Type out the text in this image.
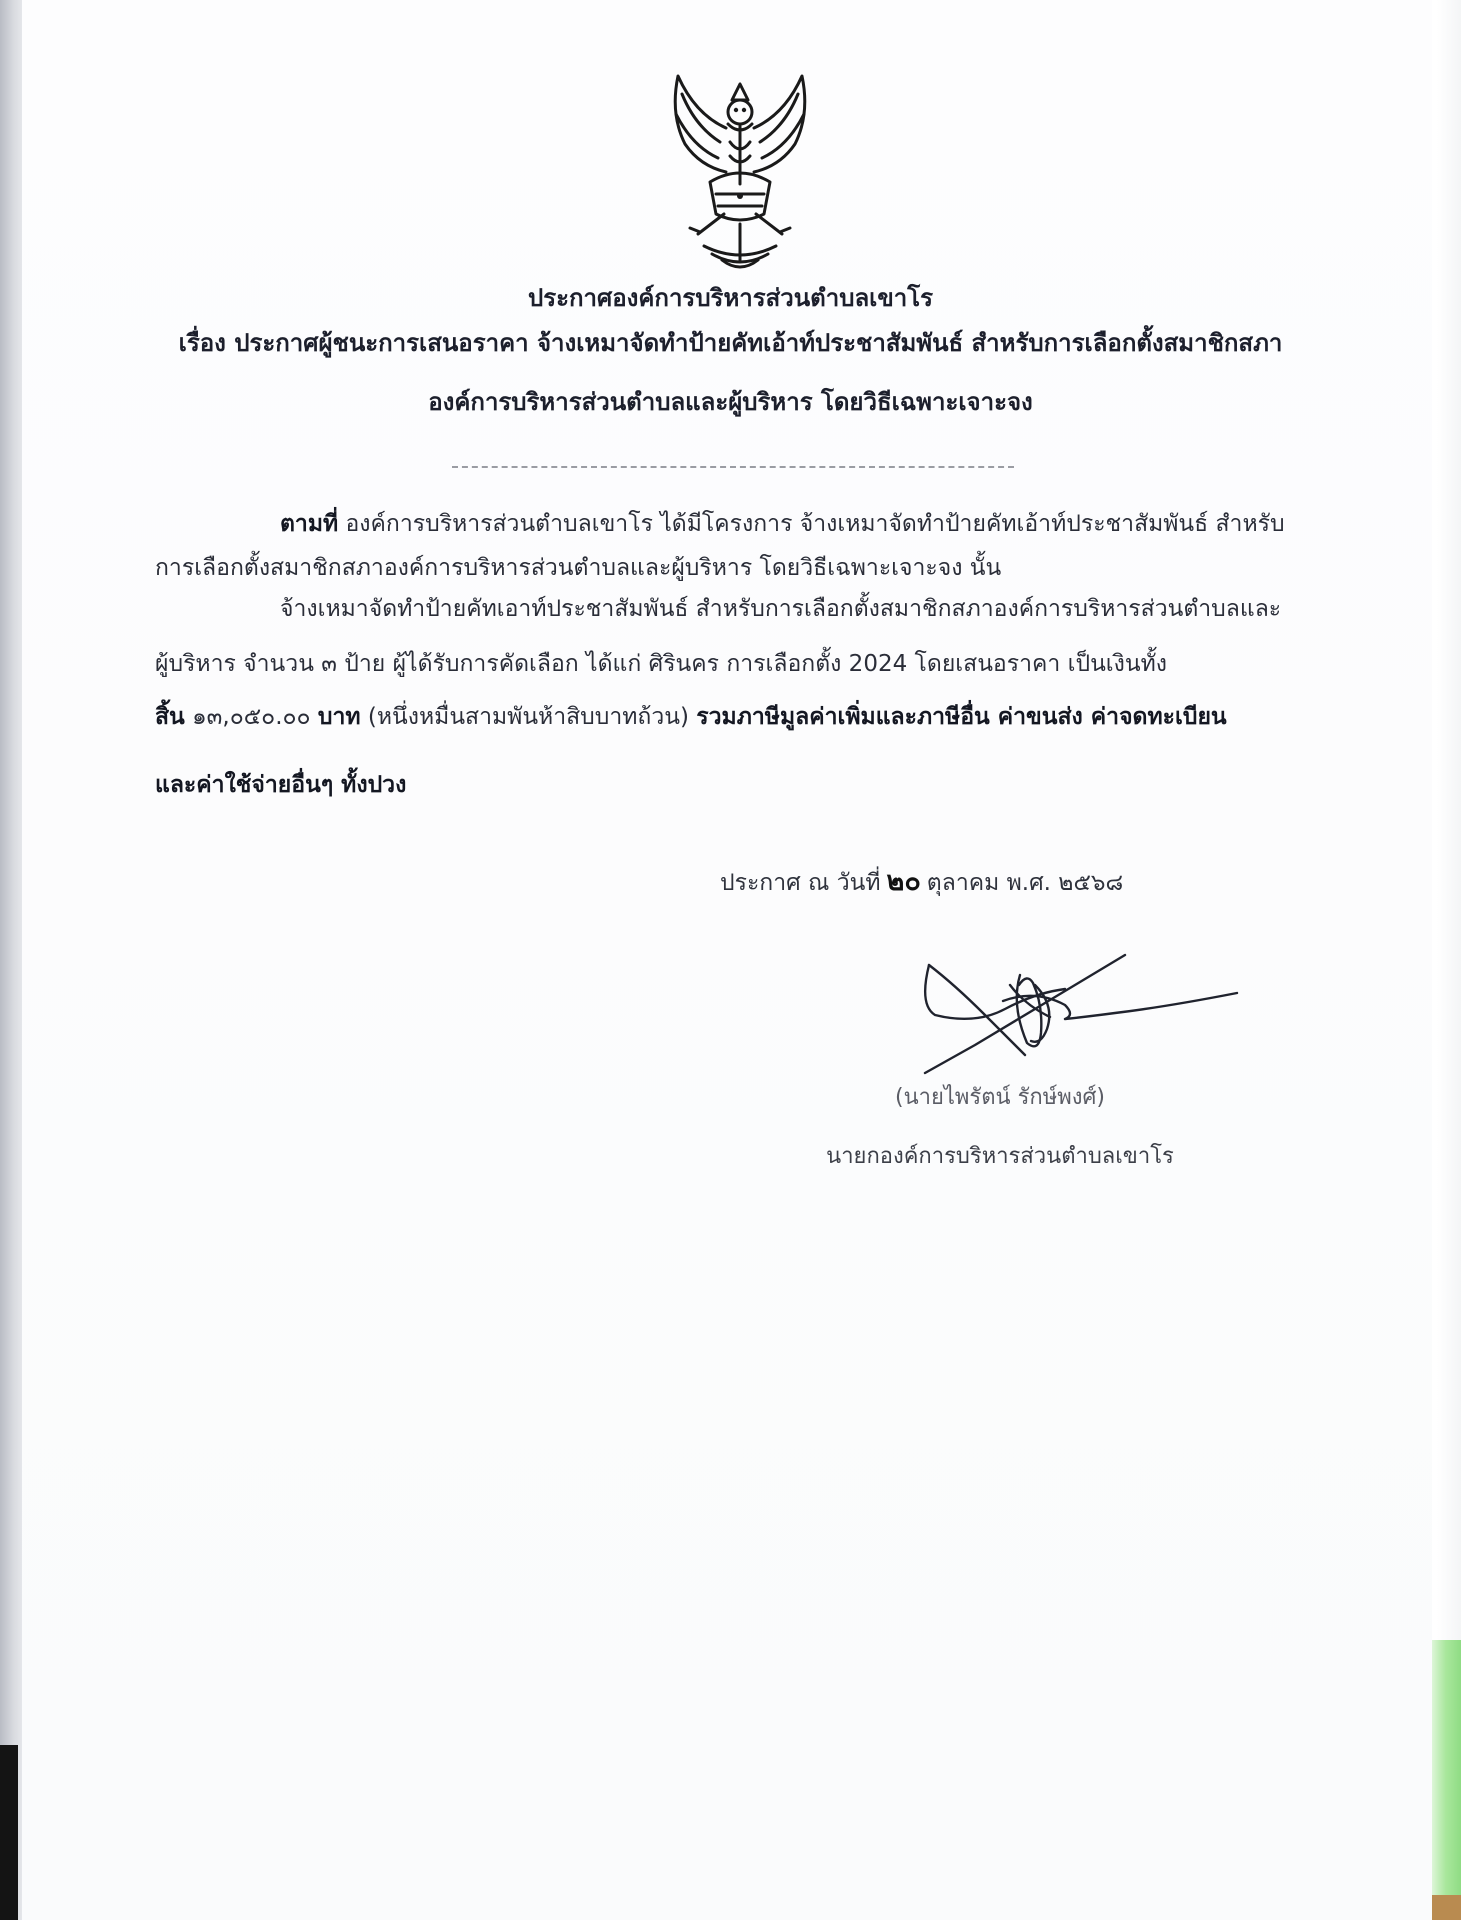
ประกาศองค์การบริหารส่วนตำบลเขาโร
เรื่อง ประกาศผู้ชนะการเสนอราคา จ้างเหมาจัดทำป้ายคัทเอ้าท์ประชาสัมพันธ์ สำหรับการเลือกตั้งสมาชิกสภา
องค์การบริหารส่วนตำบลและผู้บริหาร โดยวิธีเฉพาะเจาะจง
ตามที่ องค์การบริหารส่วนตำบลเขาโร ได้มีโครงการ จ้างเหมาจัดทำป้ายคัทเอ้าท์ประชาสัมพันธ์ สำหรับ
การเลือกตั้งสมาชิกสภาองค์การบริหารส่วนตำบลและผู้บริหาร โดยวิธีเฉพาะเจาะจง นั้น
จ้างเหมาจัดทำป้ายคัทเอาท์ประชาสัมพันธ์ สำหรับการเลือกตั้งสมาชิกสภาองค์การบริหารส่วนตำบลและ
ผู้บริหาร จำนวน ๓ ป้าย ผู้ได้รับการคัดเลือก ได้แก่ ศิรินคร การเลือกตั้ง 2024 โดยเสนอราคา เป็นเงินทั้ง
สิ้น ๑๓,๐๕๐.๐๐ บาท (หนึ่งหมื่นสามพันห้าสิบบาทถ้วน) รวมภาษีมูลค่าเพิ่มและภาษีอื่น ค่าขนส่ง ค่าจดทะเบียน
และค่าใช้จ่ายอื่นๆ ทั้งปวง
ประกาศ ณ วันที่ ๒๐ ตุลาคม พ.ศ. ๒๕๖๘
(นายไพรัตน์ รักษ์พงศ์)
นายกองค์การบริหารส่วนตำบลเขาโร
